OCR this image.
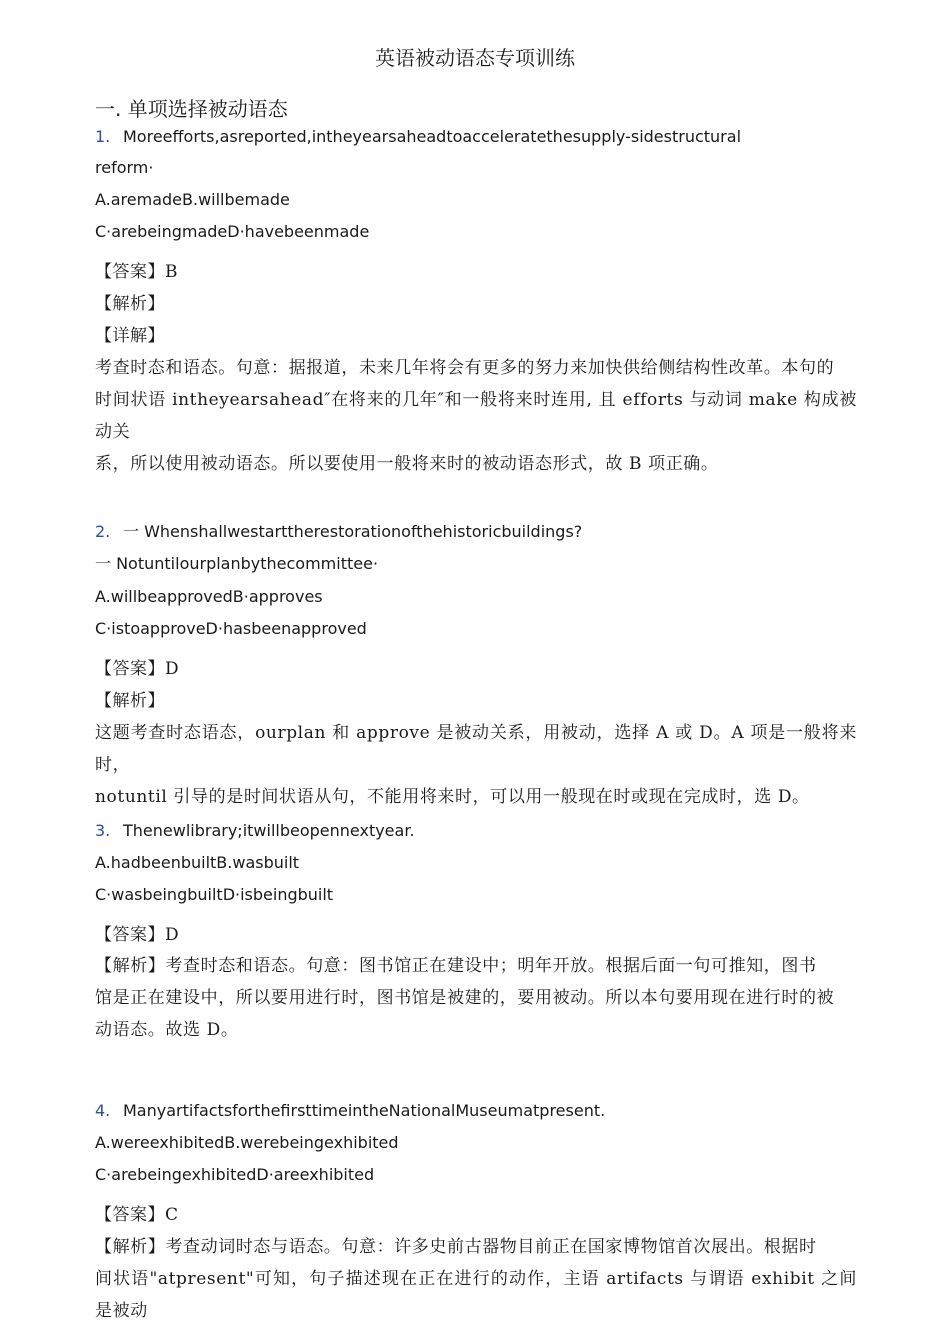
英语被动语态专项训练
一. 单项选择被动语态
1. Moreefforts,asreported,intheyearsaheadtoacceleratethesupply-sidestructural
reform·
A.aremadeB.willbemade
C·arebeingmadeD·havebeenmade
【答案】B
【解析】
【详解】
考查时态和语态。句意：据报道，未来几年将会有更多的努力来加快供给侧结构性改革。本句的
时间状语 intheyearsahead″在将来的几年″和一般将来时连用, 且 efforts 与动词 make 构成被动关
系，所以使用被动语态。所以要使用一般将来时的被动语态形式，故 B 项正确。
2. 一 Whenshallwestarttherestorationofthehistoricbuildings?
一 Notuntilourplanbythecommittee·
A.willbeapprovedB·approves
C·istoapproveD·hasbeenapproved
【答案】D
【解析】
这题考查时态语态，ourplan 和 approve 是被动关系，用被动，选择 A 或 D。A 项是一般将来时，
notuntil 引导的是时间状语从句，不能用将来时，可以用一般现在时或现在完成时，选 D。
3. Thenewlibrary;itwillbeopennextyear.
A.hadbeenbuiltB.wasbuilt
C·wasbeingbuiltD·isbeingbuilt
【答案】D
【解析】考查时态和语态。句意：图书馆正在建设中；明年开放。根据后面一句可推知，图书
馆是正在建设中，所以要用进行时，图书馆是被建的，要用被动。所以本句要用现在进行时的被
动语态。故选 D。
4. ManyartifactsforthefirsttimeintheNationalMuseumatpresent.
A.wereexhibitedB.werebeingexhibited
C·arebeingexhibitedD·areexhibited
【答案】C
【解析】考查动词时态与语态。句意：许多史前古器物目前正在国家博物馆首次展出。根据时
间状语"atpresent"可知，句子描述现在正在进行的动作，主语 artifacts 与谓语 exhibit 之间是被动
